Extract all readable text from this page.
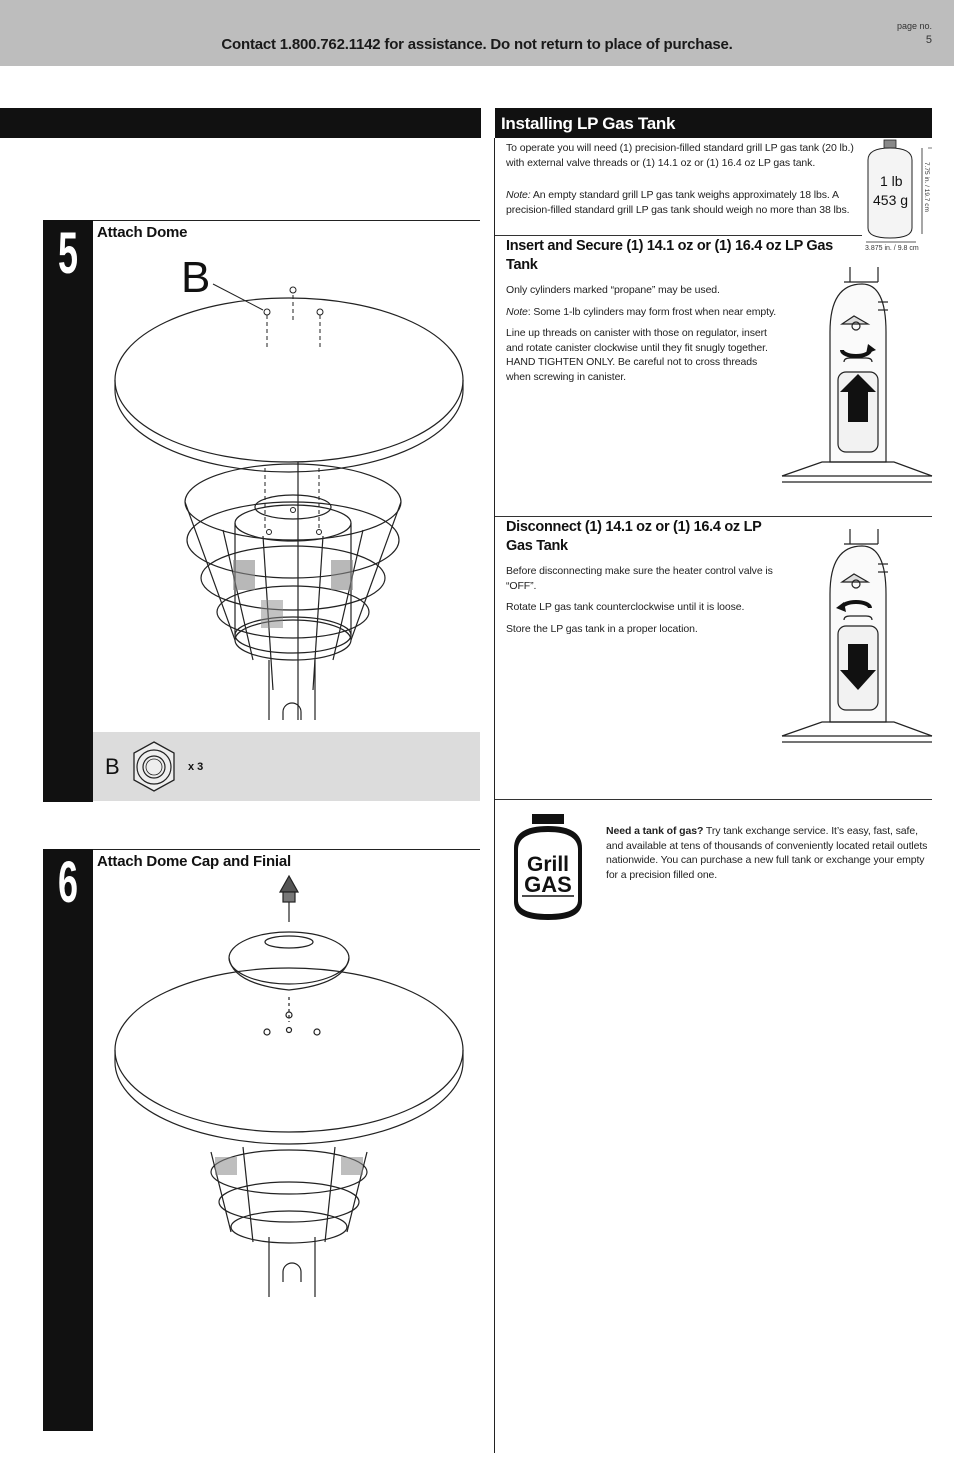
Contact 1.800.762.1142 for assistance. Do not return to place of purchase.
page no.
5
Installing LP Gas Tank
5	Attach Dome
B
B	x 3
6	Attach Dome Cap and Finial
To operate you will need (1) precision-filled standard grill LP gas tank (20 lb.) with external valve threads or (1) 14.1 oz or (1) 16.4 oz LP gas tank.
Note: An empty standard grill LP gas tank weighs approximately 18 lbs. A precision-filled standard grill LP gas tank should weigh no more than 38 lbs.
1 lb
453 g 7.75 in. / 19.7 cm
3.875 in. / 9.8 cm
Insert and Secure (1) 14.1 oz or (1) 16.4 oz LP Gas Tank
Only cylinders marked “propane” may be used.
Note: Some 1-lb cylinders may form frost when near empty.
Line up threads on canister with those on regulator, insert and rotate canister clockwise until they fit snugly together. HAND TIGHTEN ONLY. Be careful not to cross threads when screwing in canister.
Disconnect (1) 14.1 oz or (1) 16.4 oz LP Gas Tank
Before disconnecting make sure the heater control valve is “OFF”.
Rotate LP gas tank counterclockwise until it is loose.
Store the LP gas tank in a proper location.
Grill
GAS
Need a tank of gas? Try tank exchange service. It’s easy, fast, safe, and available at tens of thousands of conveniently located retail outlets nationwide. You can purchase a new full tank or exchange your empty for a precision filled one.
